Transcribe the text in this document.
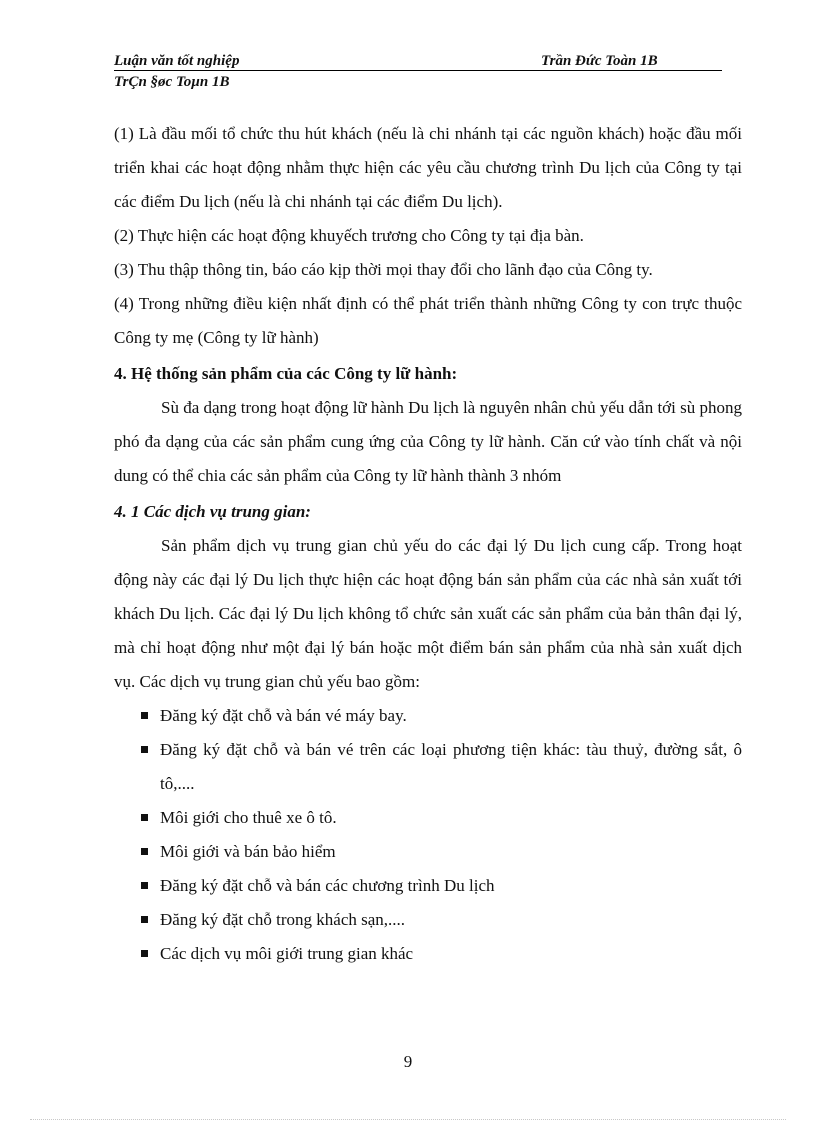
Luận văn tốt nghiệp	Trần Đức Toàn 1B
TrÇn §øc Toµn 1B

(1) Là đầu mối tổ chức thu hút khách (nếu là chi nhánh tại các nguồn khách) hoặc đầu mối triển khai các hoạt động nhằm thực hiện các yêu cầu chương trình Du lịch của Công ty tại các điểm Du lịch (nếu là chi nhánh tại các điểm Du lịch).

(2) Thực hiện các hoạt động khuyếch trương cho Công ty tại địa bàn.

(3) Thu thập thông tin, báo cáo kịp thời mọi thay đổi cho lãnh đạo của Công ty.

(4) Trong những điều kiện nhất định có thể phát triển thành những Công ty con trực thuộc Công ty mẹ (Công ty lữ hành)

4. Hệ thống sản phẩm của các Công ty lữ hành:

Sù đa dạng trong hoạt động lữ hành Du lịch là nguyên nhân chủ yếu dẫn tới sù phong phó đa dạng của các sản phẩm cung ứng của Công ty lữ hành. Căn cứ vào tính chất và nội dung có thể chia các sản phẩm của Công ty lữ hành thành 3 nhóm

4. 1 Các dịch vụ trung gian:

Sản phẩm dịch vụ trung gian chủ yếu do các đại lý Du lịch cung cấp. Trong hoạt động này các đại lý Du lịch thực hiện các hoạt động bán sản phẩm của các nhà sản xuất tới khách Du lịch. Các đại lý Du lịch không tổ chức sản xuất các sản phẩm của bản thân đại lý, mà chỉ hoạt động như một đại lý bán hoặc một điểm bán sản phẩm của nhà sản xuất dịch vụ. Các dịch vụ trung gian chủ yếu bao gồm:

Đăng ký đặt chỗ và bán vé máy bay.
Đăng ký đặt chỗ và bán vé trên các loại phương tiện khác: tàu thuỷ, đường sắt, ô tô,....
Môi giới cho thuê xe ô tô.
Môi giới và bán bảo hiểm
Đăng ký đặt chỗ và bán các chương trình Du lịch
Đăng ký đặt chỗ trong khách sạn,....
Các dịch vụ môi giới trung gian khác
9
